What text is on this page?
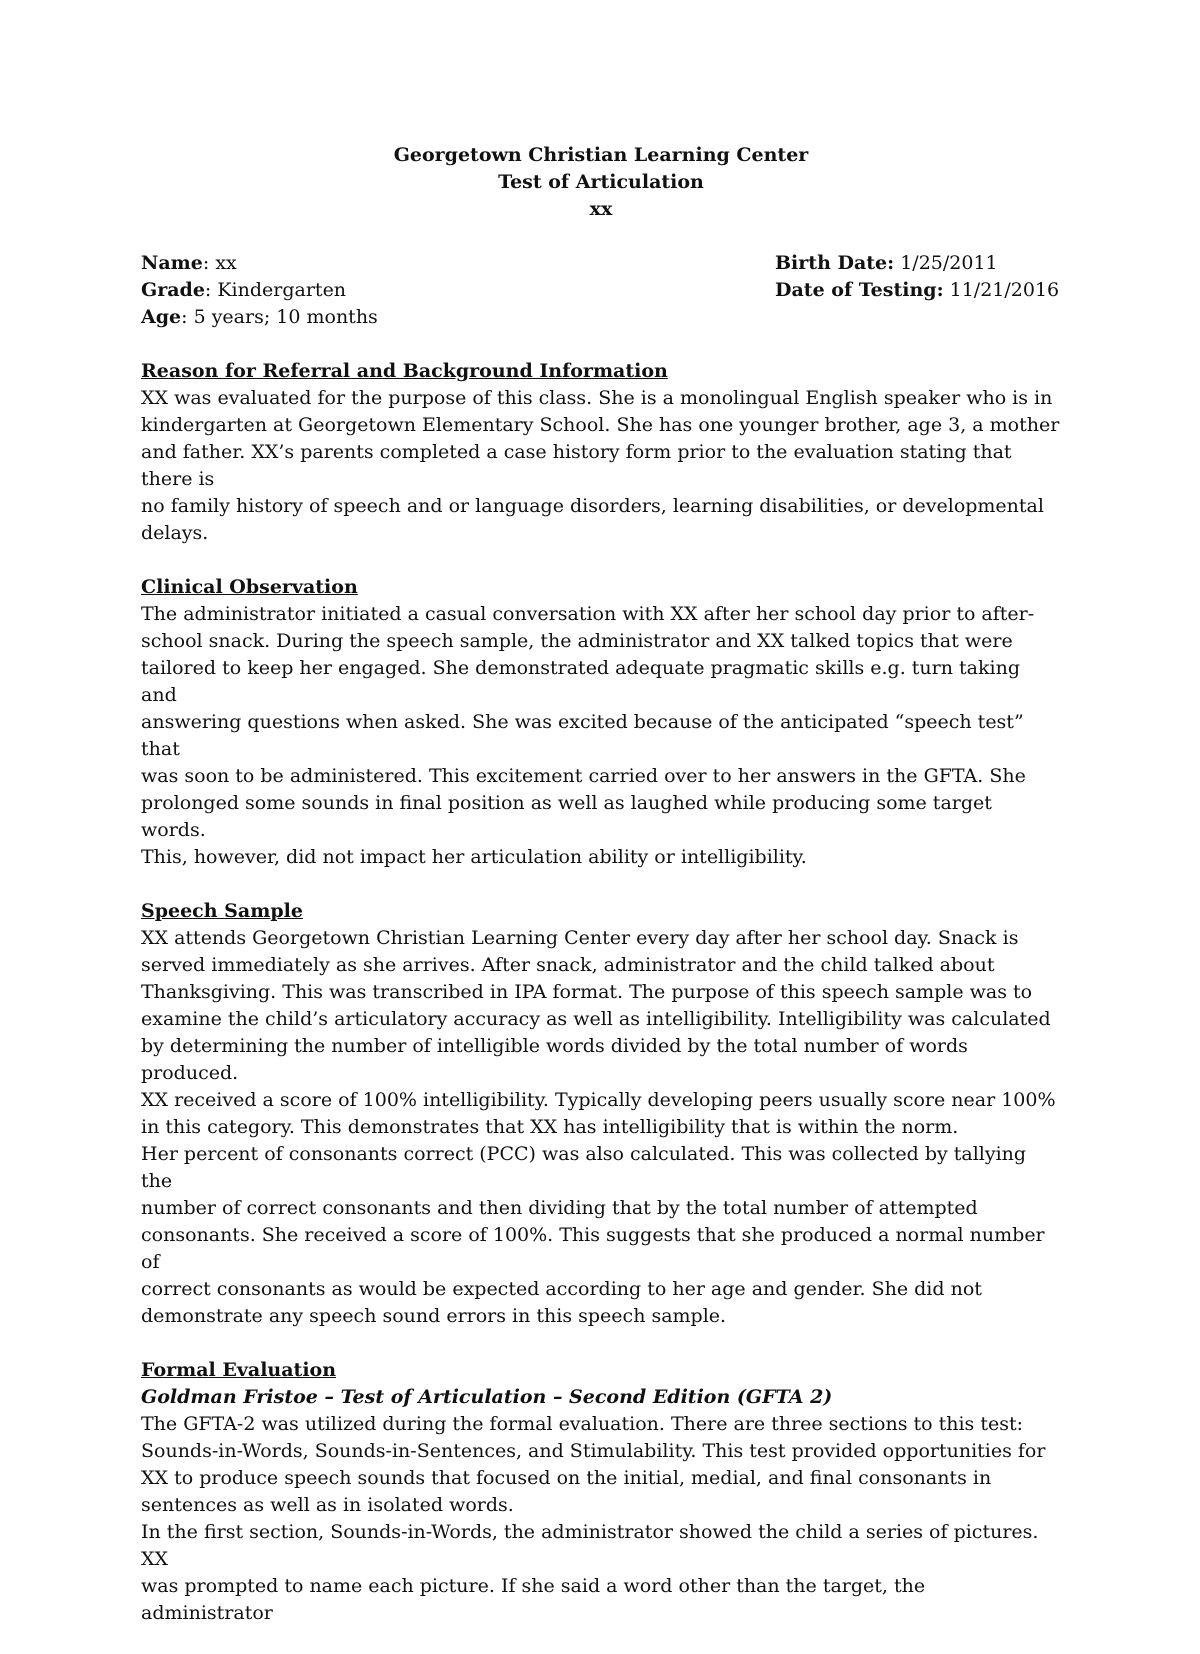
Georgetown Christian Learning Center
Test of Articulation
xx
Name: xx	Birth Date: 1/25/2011
Grade: Kindergarten	Date of Testing: 11/21/2016
Age: 5 years; 10 months
Reason for Referral and Background Information

XX was evaluated for the purpose of this class. She is a monolingual English speaker who is in
kindergarten at Georgetown Elementary School. She has one younger brother, age 3, a mother
and father. XX’s parents completed a case history form prior to the evaluation stating that there is
no family history of speech and or language disorders, learning disabilities, or developmental
delays.

Clinical Observation

The administrator initiated a casual conversation with XX after her school day prior to after-
school snack. During the speech sample, the administrator and XX talked topics that were
tailored to keep her engaged. She demonstrated adequate pragmatic skills e.g. turn taking and
answering questions when asked. She was excited because of the anticipated “speech test” that
was soon to be administered. This excitement carried over to her answers in the GFTA. She
prolonged some sounds in final position as well as laughed while producing some target words.
This, however, did not impact her articulation ability or intelligibility.

Speech Sample

XX attends Georgetown Christian Learning Center every day after her school day. Snack is
served immediately as she arrives. After snack, administrator and the child talked about
Thanksgiving. This was transcribed in IPA format. The purpose of this speech sample was to
examine the child’s articulatory accuracy as well as intelligibility. Intelligibility was calculated
by determining the number of intelligible words divided by the total number of words produced.
XX received a score of 100% intelligibility. Typically developing peers usually score near 100%
in this category. This demonstrates that XX has intelligibility that is within the norm.
Her percent of consonants correct (PCC) was also calculated. This was collected by tallying the
number of correct consonants and then dividing that by the total number of attempted
consonants. She received a score of 100%. This suggests that she produced a normal number of
correct consonants as would be expected according to her age and gender. She did not
demonstrate any speech sound errors in this speech sample.

Formal Evaluation
Goldman Fristoe – Test of Articulation – Second Edition (GFTA 2)

The GFTA-2 was utilized during the formal evaluation. There are three sections to this test:
Sounds-in-Words, Sounds-in-Sentences, and Stimulability. This test provided opportunities for
XX to produce speech sounds that focused on the initial, medial, and final consonants in
sentences as well as in isolated words.
In the first section, Sounds-in-Words, the administrator showed the child a series of pictures. XX
was prompted to name each picture. If she said a word other than the target, the administrator
